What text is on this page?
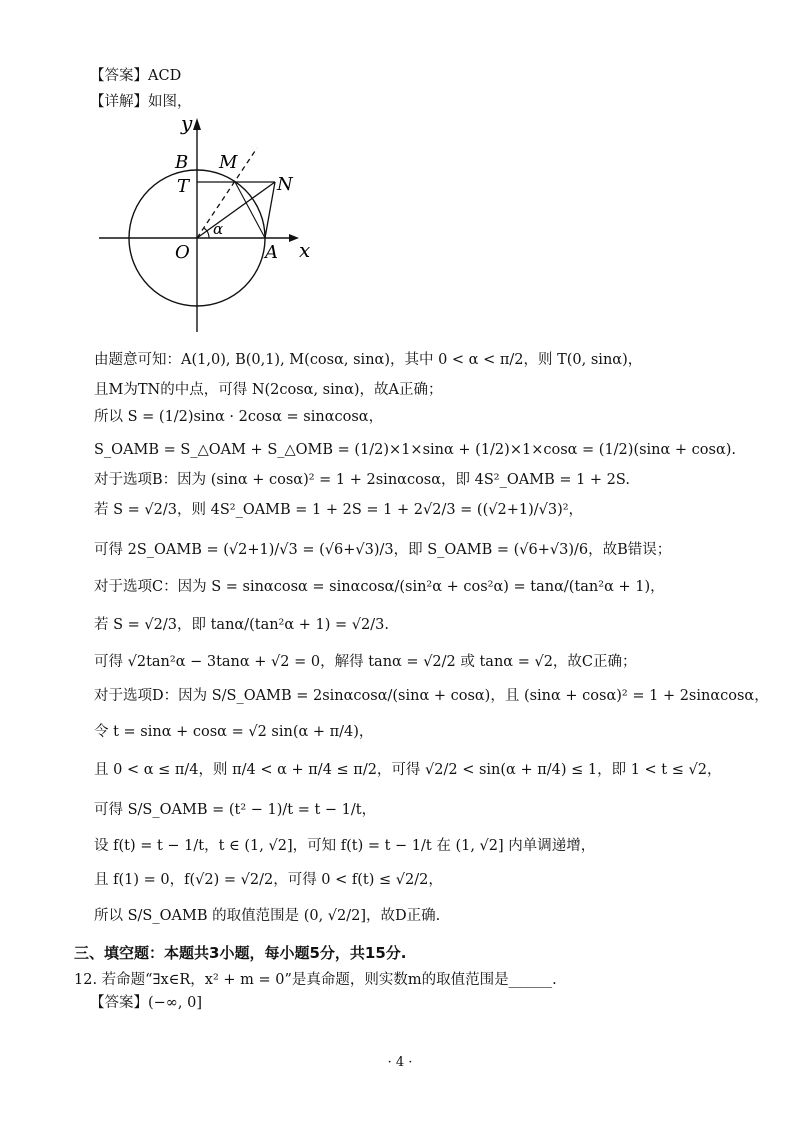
【答案】ACD
【详解】如图，
y
x
B M
T	N
O	A
α
由题意可知：A(1,0), B(0,1), M(cosα, sinα)，其中 0 < α < π/2，则 T(0, sinα)，
且M为TN的中点，可得 N(2cosα, sinα)，故A正确；
所以 S = (1/2)sinα · 2cosα = sinαcosα，
S_OAMB = S_△OAM + S_△OMB = (1/2)×1×sinα + (1/2)×1×cosα = (1/2)(sinα + cosα).
对于选项B：因为 (sinα + cosα)² = 1 + 2sinαcosα，即 4S²_OAMB = 1 + 2S.
若 S = √2/3，则 4S²_OAMB = 1 + 2S = 1 + 2√2/3 = ((√2+1)/√3)²，
可得 2S_OAMB = (√2+1)/√3 = (√6+√3)/3，即 S_OAMB = (√6+√3)/6，故B错误；
对于选项C：因为 S = sinαcosα = sinαcosα/(sin²α + cos²α) = tanα/(tan²α + 1)，
若 S = √2/3，即 tanα/(tan²α + 1) = √2/3.
可得 √2tan²α − 3tanα + √2 = 0，解得 tanα = √2/2 或 tanα = √2，故C正确；
对于选项D：因为 S/S_OAMB = 2sinαcosα/(sinα + cosα)，且 (sinα + cosα)² = 1 + 2sinαcosα，
令 t = sinα + cosα = √2 sin(α + π/4)，
且 0 < α ≤ π/4，则 π/4 < α + π/4 ≤ π/2，可得 √2/2 < sin(α + π/4) ≤ 1，即 1 < t ≤ √2，
可得 S/S_OAMB = (t² − 1)/t = t − 1/t，
设 f(t) = t − 1/t，t ∈ (1, √2]，可知 f(t) = t − 1/t 在 (1, √2] 内单调递增，
且 f(1) = 0，f(√2) = √2/2，可得 0 < f(t) ≤ √2/2，
所以 S/S_OAMB 的取值范围是 (0, √2/2]，故D正确.
三、填空题：本题共3小题，每小题5分，共15分.
12. 若命题“∃x∈R，x² + m = 0”是真命题，则实数m的取值范围是______.
【答案】(−∞, 0]
· 4 ·
